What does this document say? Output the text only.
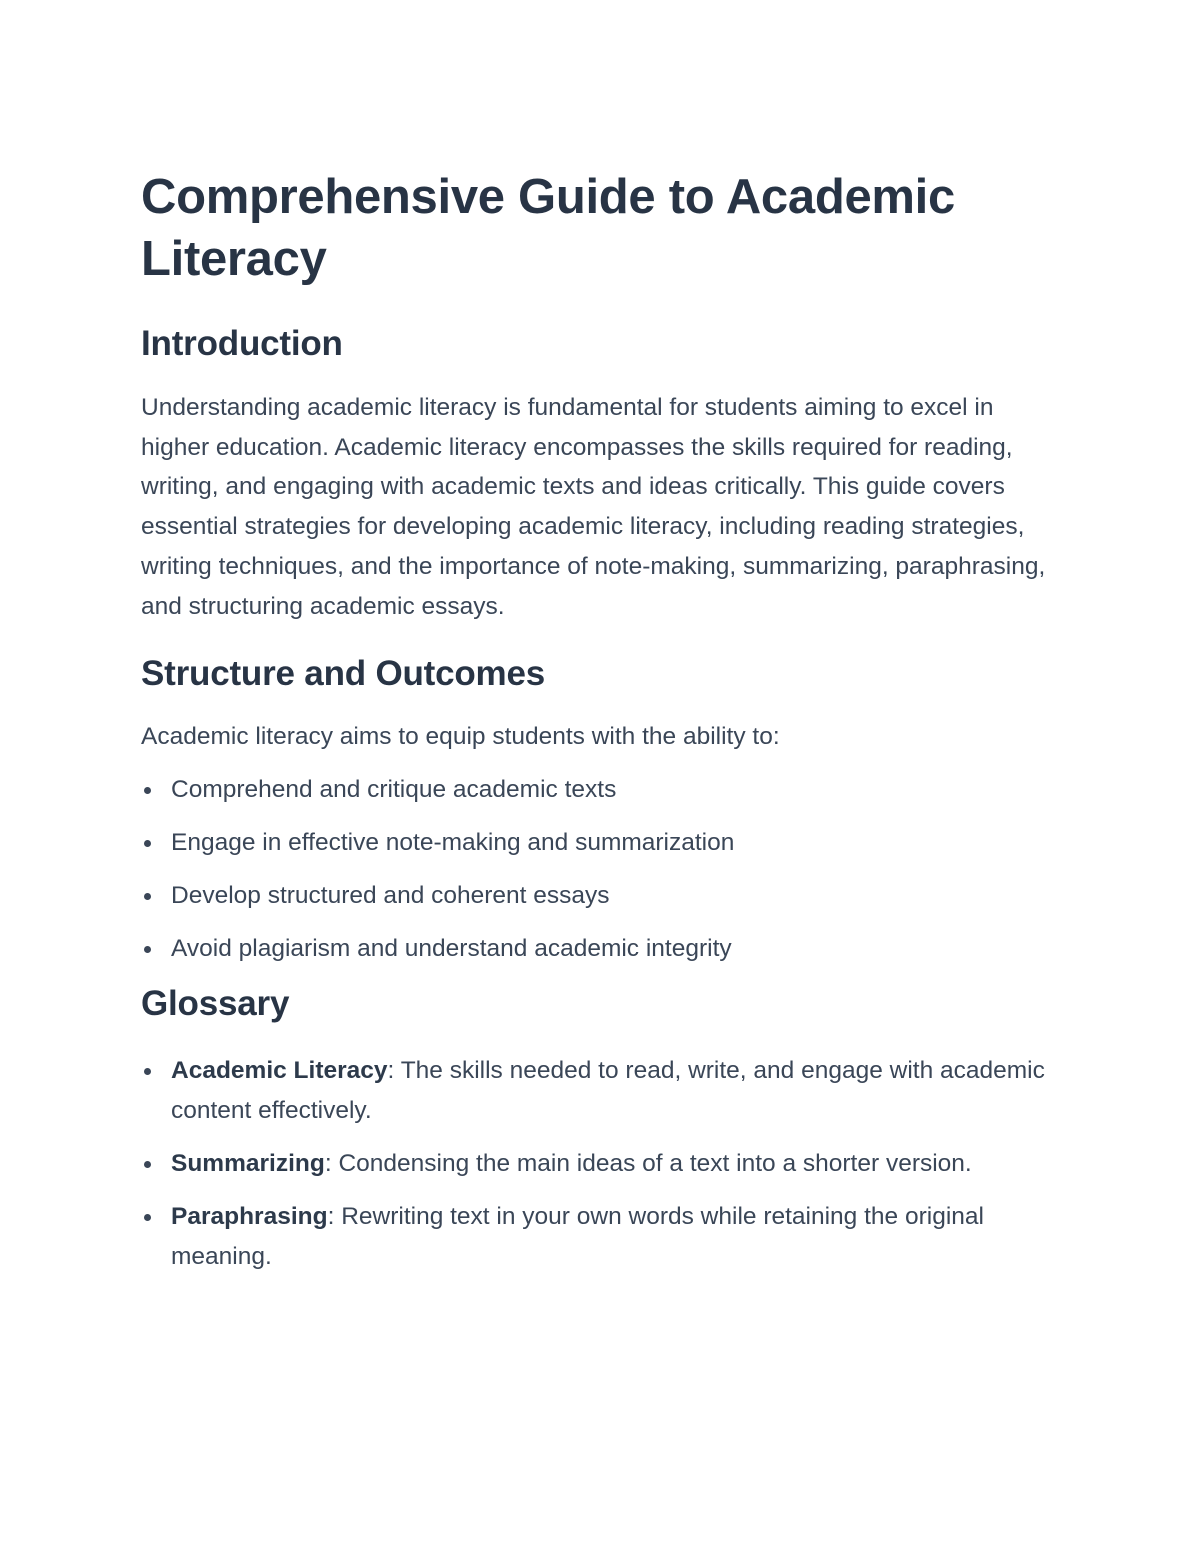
Comprehensive Guide to Academic Literacy
Introduction

Understanding academic literacy is fundamental for students aiming to excel in higher education. Academic literacy encompasses the skills required for reading, writing, and engaging with academic texts and ideas critically. This guide covers essential strategies for developing academic literacy, including reading strategies, writing techniques, and the importance of note-making, summarizing, paraphrasing, and structuring academic essays.

Structure and Outcomes

Academic literacy aims to equip students with the ability to:

Comprehend and critique academic texts
Engage in effective note-making and summarization
Develop structured and coherent essays
Avoid plagiarism and understand academic integrity
Glossary
Academic Literacy: The skills needed to read, write, and engage with academic content effectively.
Summarizing: Condensing the main ideas of a text into a shorter version.
Paraphrasing: Rewriting text in your own words while retaining the original meaning.
